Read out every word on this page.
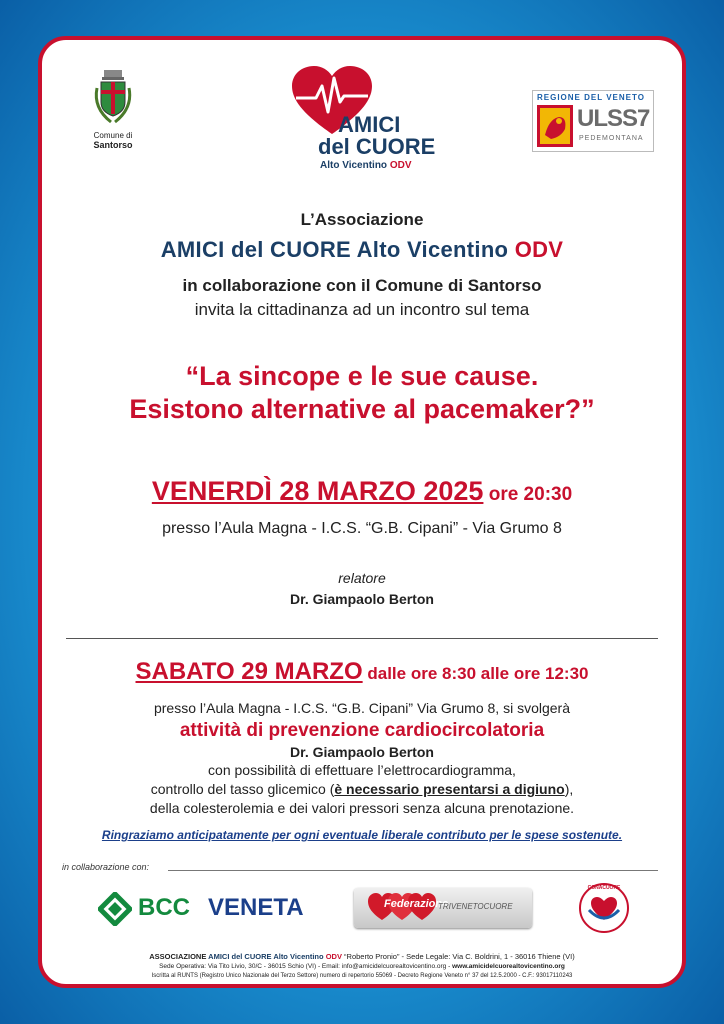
Comune di
Santorso
AMICI
del CUORE
Alto Vicentino ODV
REGIONE DEL VENETO
ULSS7
PEDEMONTANA
L’Associazione
AMICI del CUORE Alto Vicentino ODV
in collaborazione con il Comune di Santorso
invita la cittadinanza ad un incontro sul tema
“La sincope e le sue cause.
Esistono alternative al pacemaker?”
VENERDÌ 28 MARZO 2025 ore 20:30
presso l’Aula Magna - I.C.S. “G.B. Cipani” - Via Grumo 8
relatore
Dr. Giampaolo Berton
SABATO 29 MARZO dalle ore 8:30 alle ore 12:30
presso l’Aula Magna - I.C.S. “G.B. Cipani” Via Grumo 8, si svolgerà
attività di prevenzione cardiocircolatoria
Dr. Giampaolo Berton
con possibilità di effettuare l’elettrocardiogramma,
controllo del tasso glicemico (è necessario presentarsi a digiuno),
della colesterolemia e dei valori pressori senza alcuna prenotazione.
Ringraziamo anticipatamente per ogni eventuale liberale contributo per le spese sostenute.
in collaborazione con:
BCC VENETA	Federazione
TRIVENETOCUORE
CONACUORE
ASSOCIAZIONE AMICI del CUORE Alto Vicentino ODV “Roberto Pronio” - Sede Legale: Via C. Boldrini, 1 - 36016 Thiene (VI)
Sede Operativa: Via Tito Livio, 30/C - 36015 Schio (VI) - Email: info@amicidelcuorealtovicentino.org - www.amicidelcuorealtovicentino.org
Iscritta al RUNTS (Registro Unico Nazionale del Terzo Settore) numero di repertorio 55069 - Decreto Regione Veneto n° 37 del 12.5.2000 - C.F.: 93017110243
